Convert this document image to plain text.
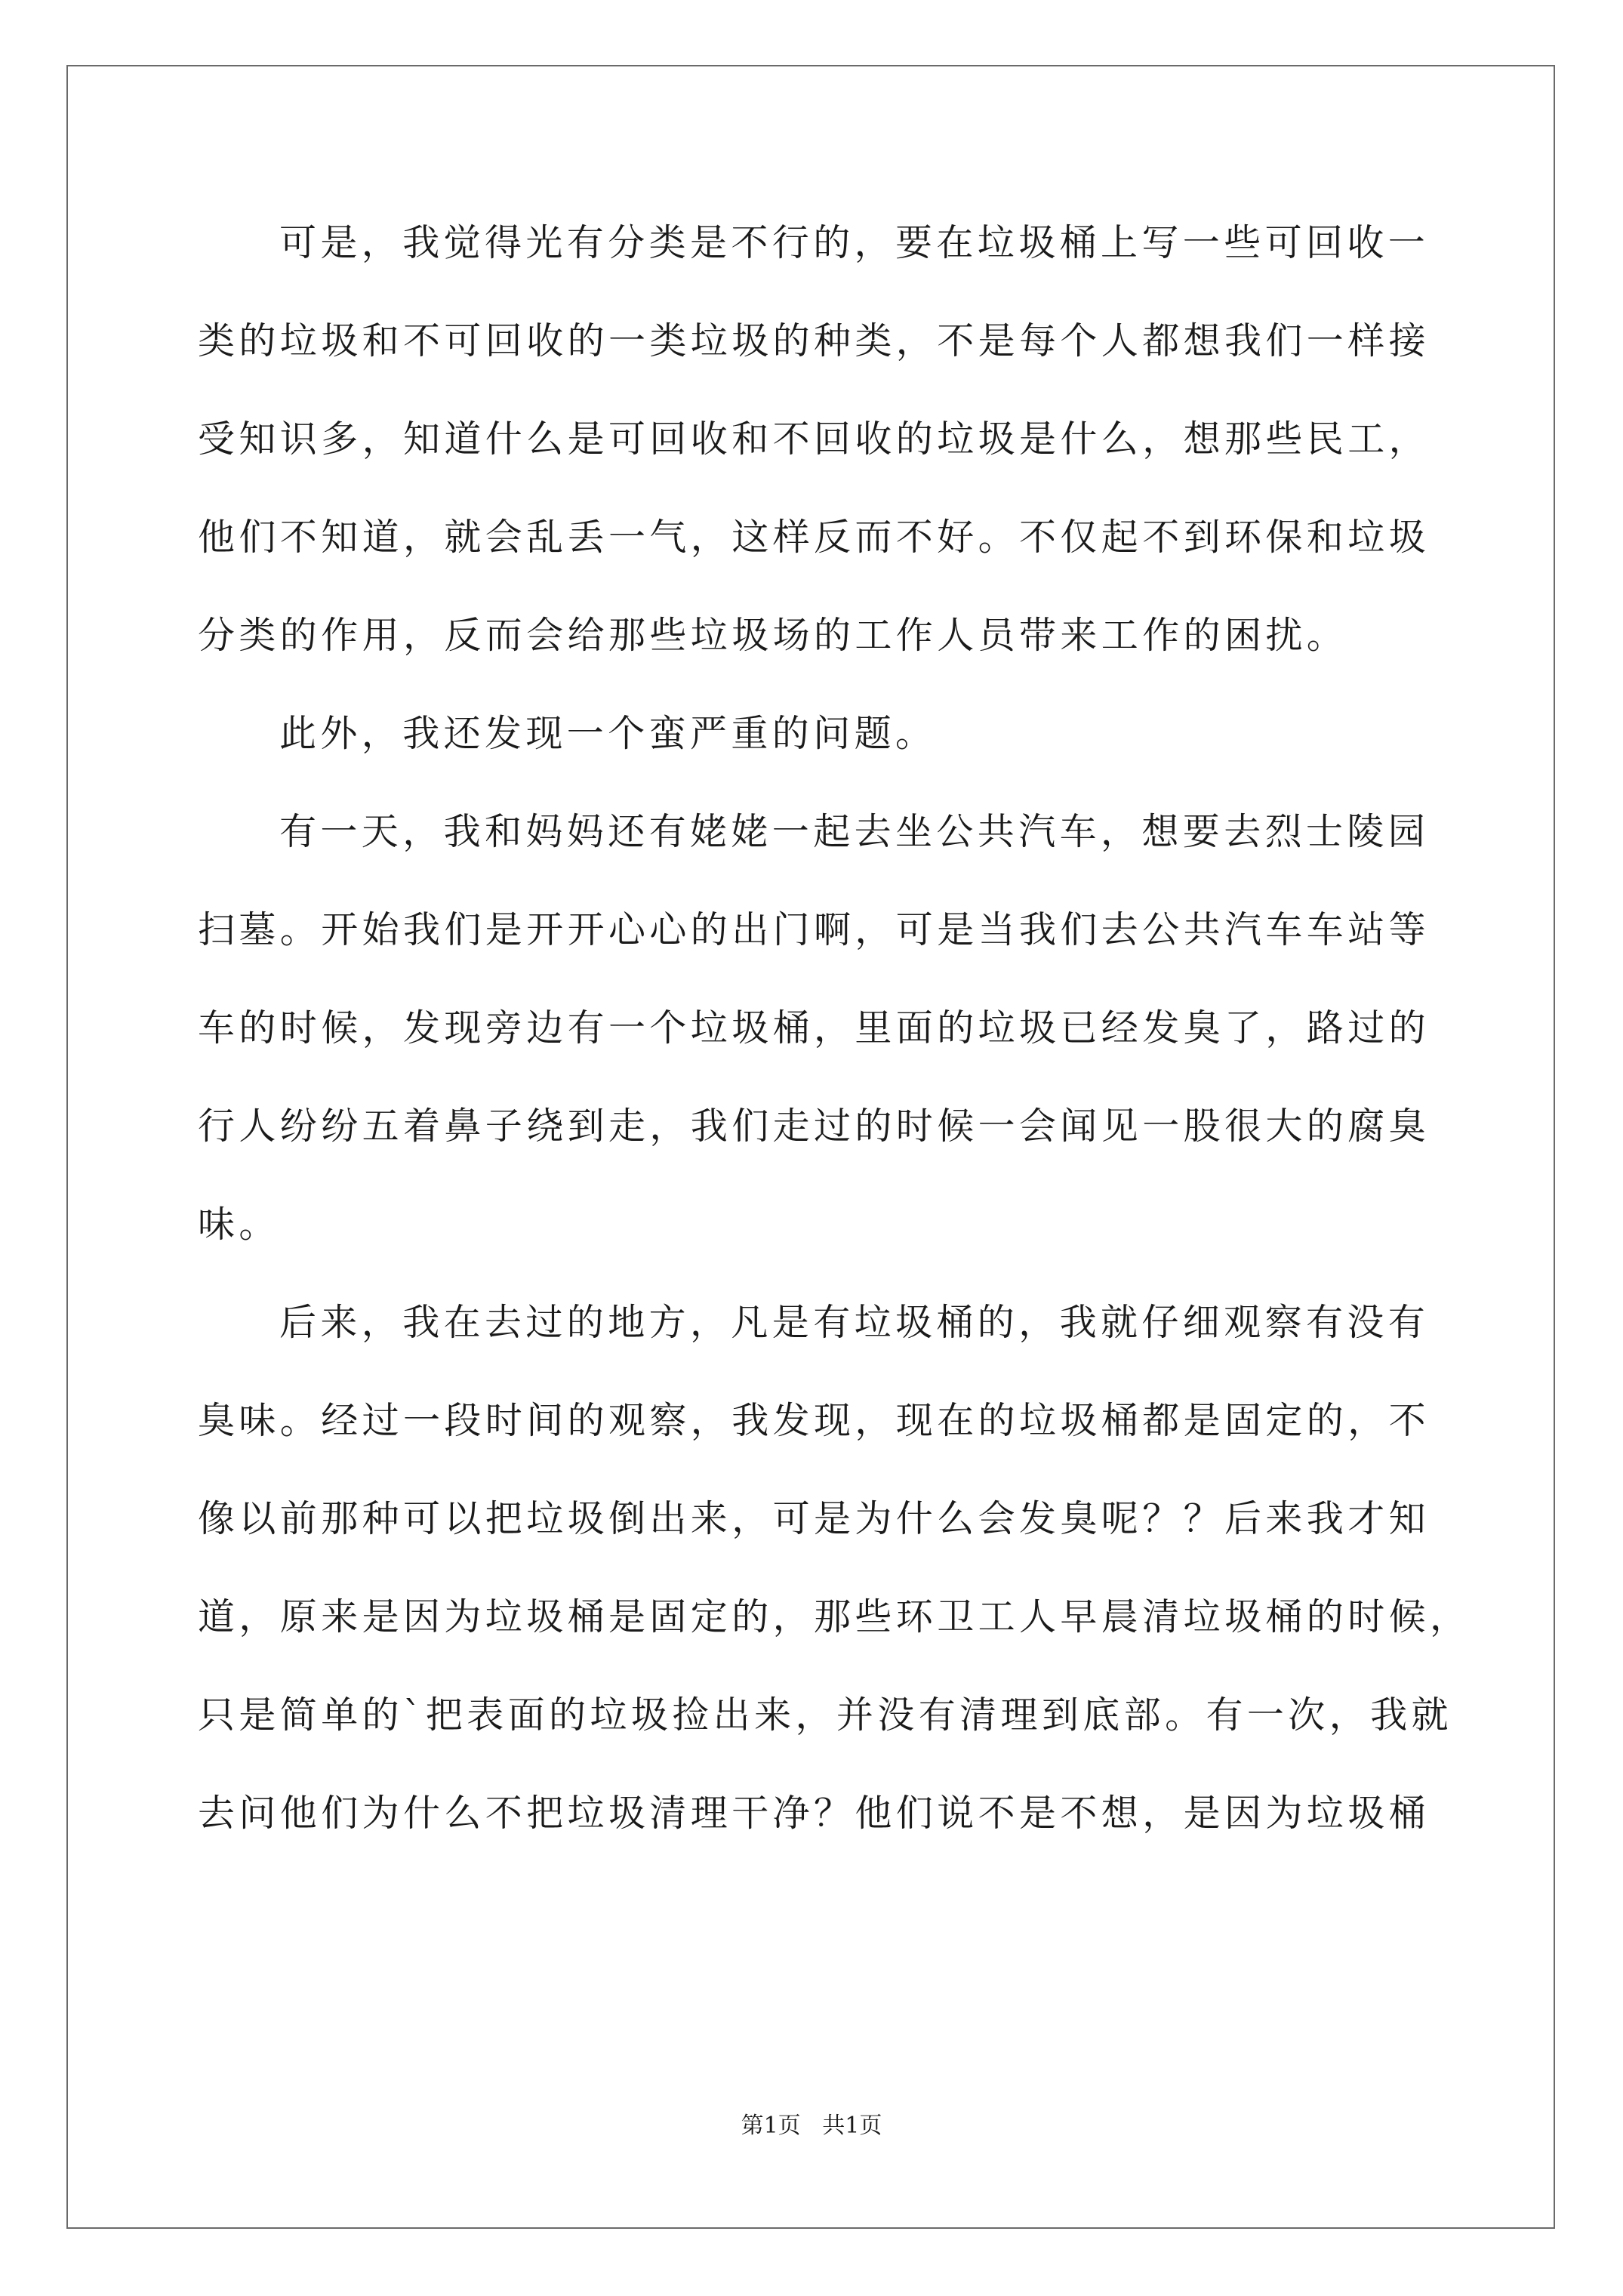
可是，我觉得光有分类是不行的，要在垃圾桶上写一些可回收一
类的垃圾和不可回收的一类垃圾的种类，不是每个人都想我们一样接
受知识多，知道什么是可回收和不回收的垃圾是什么，想那些民工，
他们不知道，就会乱丢一气，这样反而不好。不仅起不到环保和垃圾
分类的作用，反而会给那些垃圾场的工作人员带来工作的困扰。
此外，我还发现一个蛮严重的问题。
有一天，我和妈妈还有姥姥一起去坐公共汽车，想要去烈士陵园
扫墓。开始我们是开开心心的出门啊，可是当我们去公共汽车车站等
车的时候，发现旁边有一个垃圾桶，里面的垃圾已经发臭了，路过的
行人纷纷五着鼻子绕到走，我们走过的时候一会闻见一股很大的腐臭
味。
后来，我在去过的地方，凡是有垃圾桶的，我就仔细观察有没有
臭味。经过一段时间的观察，我发现，现在的垃圾桶都是固定的，不
像以前那种可以把垃圾倒出来，可是为什么会发臭呢？？后来我才知
道，原来是因为垃圾桶是固定的，那些环卫工人早晨清垃圾桶的时候，
只是简单的`把表面的垃圾捡出来，并没有清理到底部。有一次，我就
去问他们为什么不把垃圾清理干净？他们说不是不想，是因为垃圾桶
第1页   共1页
